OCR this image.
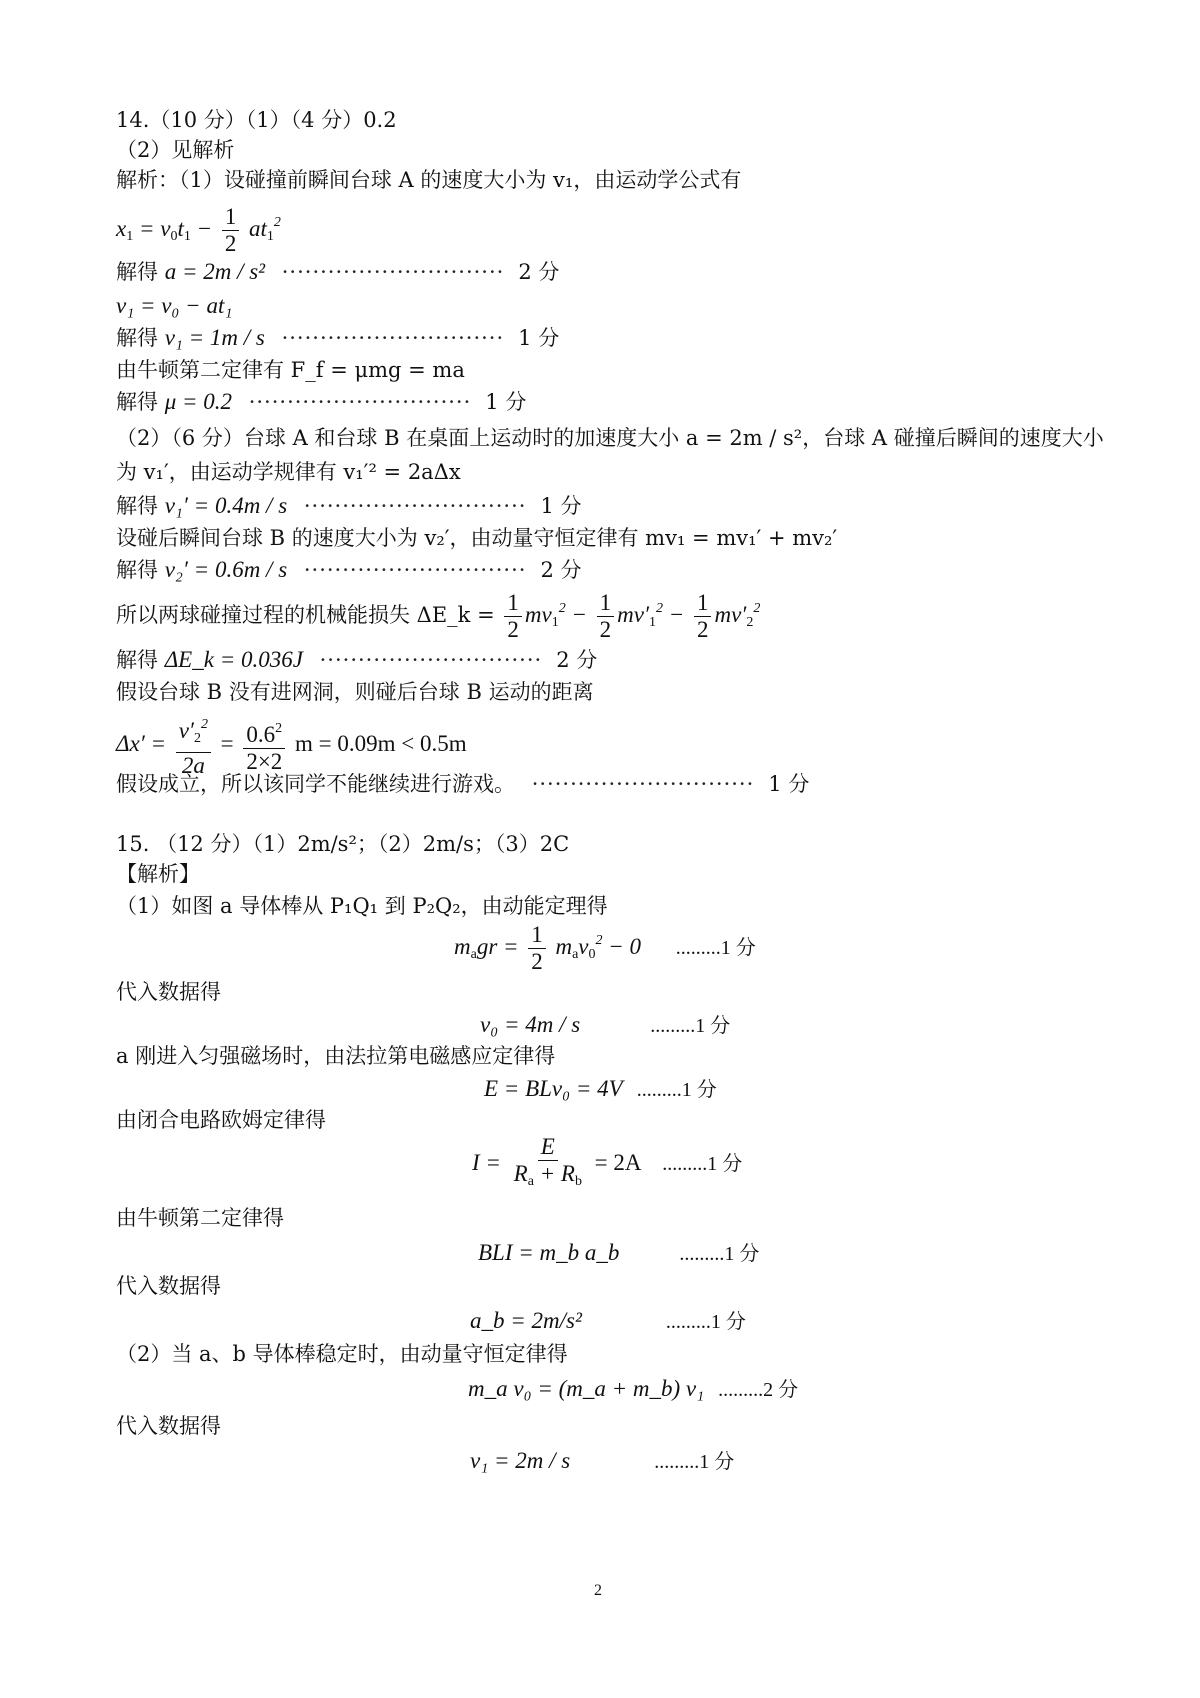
14.（10 分）（1）（4 分）0.2
（2）见解析
解析：（1）设碰撞前瞬间台球 A 的速度大小为 v₁，由运动学公式有
$x_1 = v_0t_1 - \frac{1}{2} at_1^2$
解得 a = 2m / s² ····························· 2 分
v₁ = v₀ − at₁
解得 v₁ = 1m / s ····························· 1 分
由牛顿第二定律有 F_f = μmg = ma
解得 μ = 0.2 ····························· 1 分
（2）（6 分）台球 A 和台球 B 在桌面上运动时的加速度大小 a = 2m / s²，台球 A 碰撞后瞬间的速度大小
为 v₁′，由运动学规律有 v₁′² = 2aΔx
解得 v₁′ = 0.4m / s ····························· 1 分
设碰后瞬间台球 B 的速度大小为 v₂′，由动量守恒定律有 mv₁ = mv₁′ + mv₂′
解得 v₂′ = 0.6m / s ····························· 2 分
所以两球碰撞过程的机械能损失 ΔE_k = $\frac{1}{2} mv_1^2 - \frac{1}{2} mv'_1^2 - \frac{1}{2} mv'_2^2$
解得 ΔE_k = 0.036J ····························· 2 分
假设台球 B 没有进网洞，则碰后台球 B 运动的距离
$\Delta x' = \frac{v'_2^2}{2a} = \frac{0.6^2}{2\times 2}$ m = 0.09m < 0.5m
假设成立，所以该同学不能继续进行游戏。 ····························· 1 分
15. （12 分）（1）2m/s²；（2）2m/s；（3）2C
【解析】
（1）如图 a 导体棒从 P₁Q₁ 到 P₂Q₂，由动能定理得
$m_agr = \frac{1}{2} m_av_0^2 - 0$ .........1 分
代入数据得
v₀ = 4m / s	.........1 分
a 刚进入匀强磁场时，由法拉第电磁感应定律得
E = BLv₀ = 4V .........1 分
由闭合电路欧姆定律得
$I = \frac{E}{R_a + R_b} = 2A$ .........1 分
由牛顿第二定律得
BLI = m_b a_b	.........1 分
代入数据得
a_b = 2m/s²	.........1 分
（2）当 a、b 导体棒稳定时，由动量守恒定律得
m_a v₀ = (m_a + m_b) v₁ .........2 分
代入数据得
v₁ = 2m / s	.........1 分
2
